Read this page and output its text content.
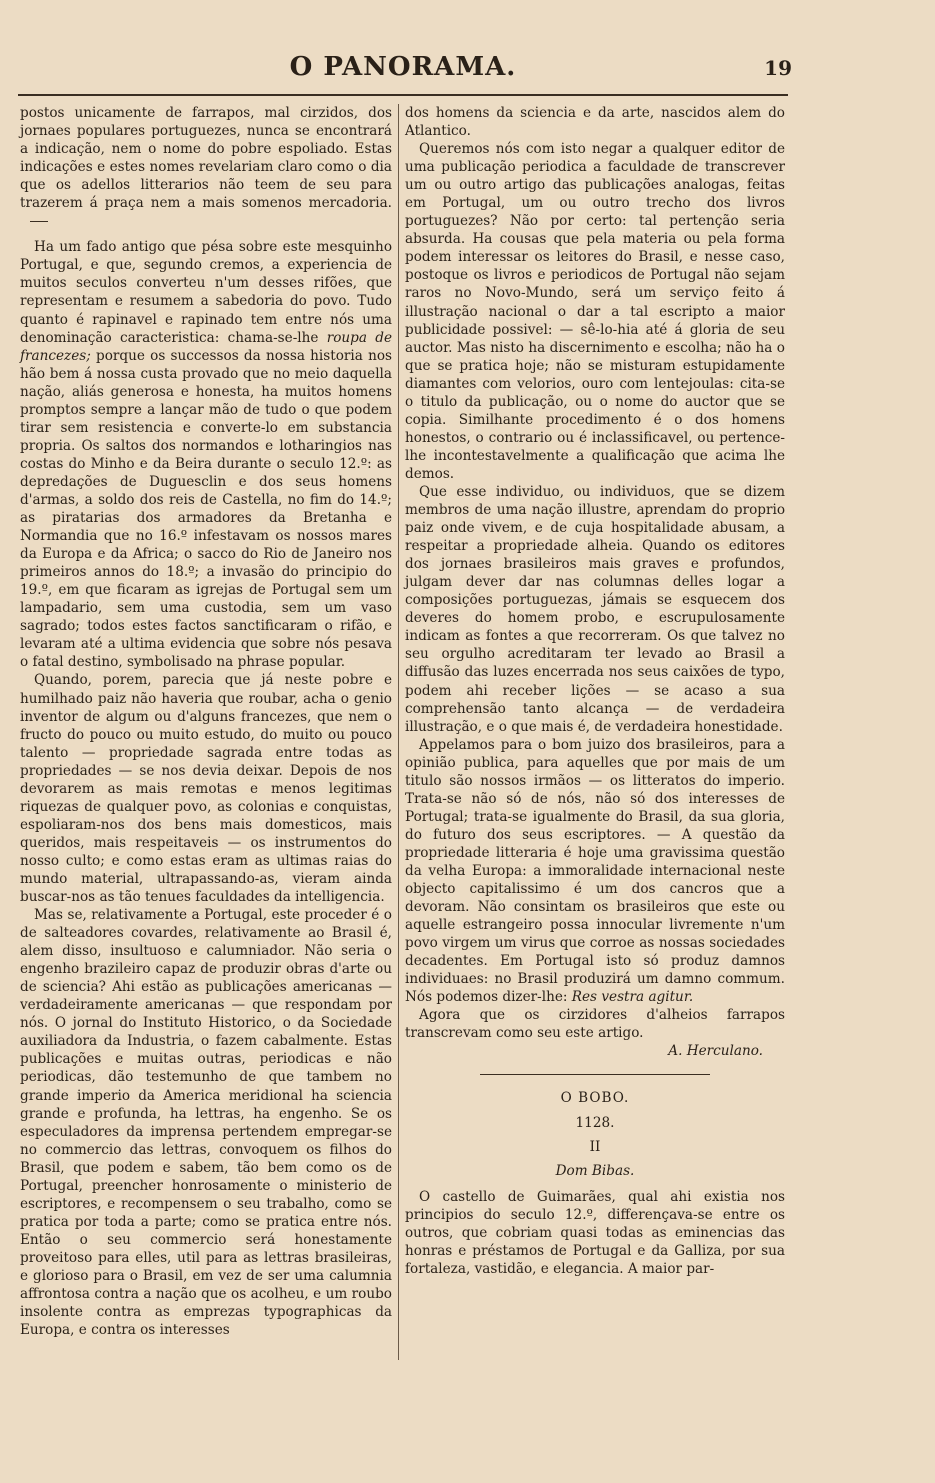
O PANORAMA.	19

postos unicamente de farrapos, mal cirzidos, dos jornaes populares portuguezes, nunca se encontrará a indicação, nem o nome do pobre espoliado. Estas indicações e estes nomes revelariam claro como o dia que os adellos litterarios não teem de seu para trazerem á praça nem a mais somenos mercadoria.

Ha um fado antigo que pésa sobre este mesquinho Portugal, e que, segundo cremos, a experiencia de muitos seculos converteu n'um desses rifões, que representam e resumem a sabedoria do povo. Tudo quanto é rapinavel e rapinado tem entre nós uma denominação caracteristica: chama-se-lhe roupa de francezes; porque os successos da nossa historia nos hão bem á nossa custa provado que no meio daquella nação, aliás generosa e honesta, ha muitos homens promptos sempre a lançar mão de tudo o que podem tirar sem resistencia e converte-lo em substancia propria. Os saltos dos normandos e lotharingios nas costas do Minho e da Beira durante o seculo 12.º: as depredações de Duguesclin e dos seus homens d'armas, a soldo dos reis de Castella, no fim do 14.º; as piratarias dos armadores da Bretanha e Normandia que no 16.º infestavam os nossos mares da Europa e da Africa; o sacco do Rio de Janeiro nos primeiros annos do 18.º; a invasão do principio do 19.º, em que ficaram as igrejas de Portugal sem um lampadario, sem uma custodia, sem um vaso sagrado; todos estes factos sanctificaram o rifão, e levaram até a ultima evidencia que sobre nós pesava o fatal destino, symbolisado na phrase popular.

Quando, porem, parecia que já neste pobre e humilhado paiz não haveria que roubar, acha o genio inventor de algum ou d'alguns francezes, que nem o fructo do pouco ou muito estudo, do muito ou pouco talento — propriedade sagrada entre todas as propriedades — se nos devia deixar. Depois de nos devorarem as mais remotas e menos legitimas riquezas de qualquer povo, as colonias e conquistas, espoliaram-nos dos bens mais domesticos, mais queridos, mais respeitaveis — os instrumentos do nosso culto; e como estas eram as ultimas raias do mundo material, ultrapassando-as, vieram ainda buscar-nos as tão tenues faculdades da intelligencia.

Mas se, relativamente a Portugal, este proceder é o de salteadores covardes, relativamente ao Brasil é, alem disso, insultuoso e calumniador. Não seria o engenho brazileiro capaz de produzir obras d'arte ou de sciencia? Ahi estão as publicações americanas — verdadeiramente americanas — que respondam por nós. O jornal do Instituto Historico, o da Sociedade auxiliadora da Industria, o fazem cabalmente. Estas publicações e muitas outras, periodicas e não periodicas, dão testemunho de que tambem no grande imperio da America meridional ha sciencia grande e profunda, ha lettras, ha engenho. Se os especuladores da imprensa pertendem empregar-se no commercio das lettras, convoquem os filhos do Brasil, que podem e sabem, tão bem como os de Portugal, preencher honrosamente o ministerio de escriptores, e recompensem o seu trabalho, como se pratica por toda a parte; como se pratica entre nós. Então o seu commercio será honestamente proveitoso para elles, util para as lettras brasileiras, e glorioso para o Brasil, em vez de ser uma calumnia affrontosa contra a nação que os acolheu, e um roubo insolente contra as emprezas typographicas da Europa, e contra os interesses

dos homens da sciencia e da arte, nascidos alem do Atlantico.

Queremos nós com isto negar a qualquer editor de uma publicação periodica a faculdade de transcrever um ou outro artigo das publicações analogas, feitas em Portugal, um ou outro trecho dos livros portuguezes? Não por certo: tal pertenção seria absurda. Ha cousas que pela materia ou pela forma podem interessar os leitores do Brasil, e nesse caso, postoque os livros e periodicos de Portugal não sejam raros no Novo-Mundo, será um serviço feito á illustração nacional o dar a tal escripto a maior publicidade possivel: — sê-lo-hia até á gloria de seu auctor. Mas nisto ha discernimento e escolha; não ha o que se pratica hoje; não se misturam estupidamente diamantes com velorios, ouro com lentejoulas: cita-se o titulo da publicação, ou o nome do auctor que se copia. Similhante procedimento é o dos homens honestos, o contrario ou é inclassificavel, ou pertence-lhe incontestavelmente a qualificação que acima lhe demos.

Que esse individuo, ou individuos, que se dizem membros de uma nação illustre, aprendam do proprio paiz onde vivem, e de cuja hospitalidade abusam, a respeitar a propriedade alheia. Quando os editores dos jornaes brasileiros mais graves e profundos, julgam dever dar nas columnas delles logar a composições portuguezas, jámais se esquecem dos deveres do homem probo, e escrupulosamente indicam as fontes a que recorreram. Os que talvez no seu orgulho acreditaram ter levado ao Brasil a diffusão das luzes encerrada nos seus caixões de typo, podem ahi receber lições — se acaso a sua comprehensão tanto alcança — de verdadeira illustração, e o que mais é, de verdadeira honestidade.

Appelamos para o bom juizo dos brasileiros, para a opinião publica, para aquelles que por mais de um titulo são nossos irmãos — os litteratos do imperio. Trata-se não só de nós, não só dos interesses de Portugal; trata-se igualmente do Brasil, da sua gloria, do futuro dos seus escriptores. — A questão da propriedade litteraria é hoje uma gravissima questão da velha Europa: a immoralidade internacional neste objecto capitalissimo é um dos cancros que a devoram. Não consintam os brasileiros que este ou aquelle estrangeiro possa innocular livremente n'um povo virgem um virus que corroe as nossas sociedades decadentes. Em Portugal isto só produz damnos individuaes: no Brasil produzirá um damno commum. Nós podemos dizer-lhe: Res vestra agitur.

Agora que os cirzidores d'alheios farrapos transcrevam como seu este artigo.

A. Herculano.

O BOBO.

1128.

II

Dom Bibas.

O castello de Guimarães, qual ahi existia nos principios do seculo 12.º, differençava-se entre os outros, que cobriam quasi todas as eminencias das honras e préstamos de Portugal e da Galliza, por sua fortaleza, vastidão, e elegancia. A maior par-
